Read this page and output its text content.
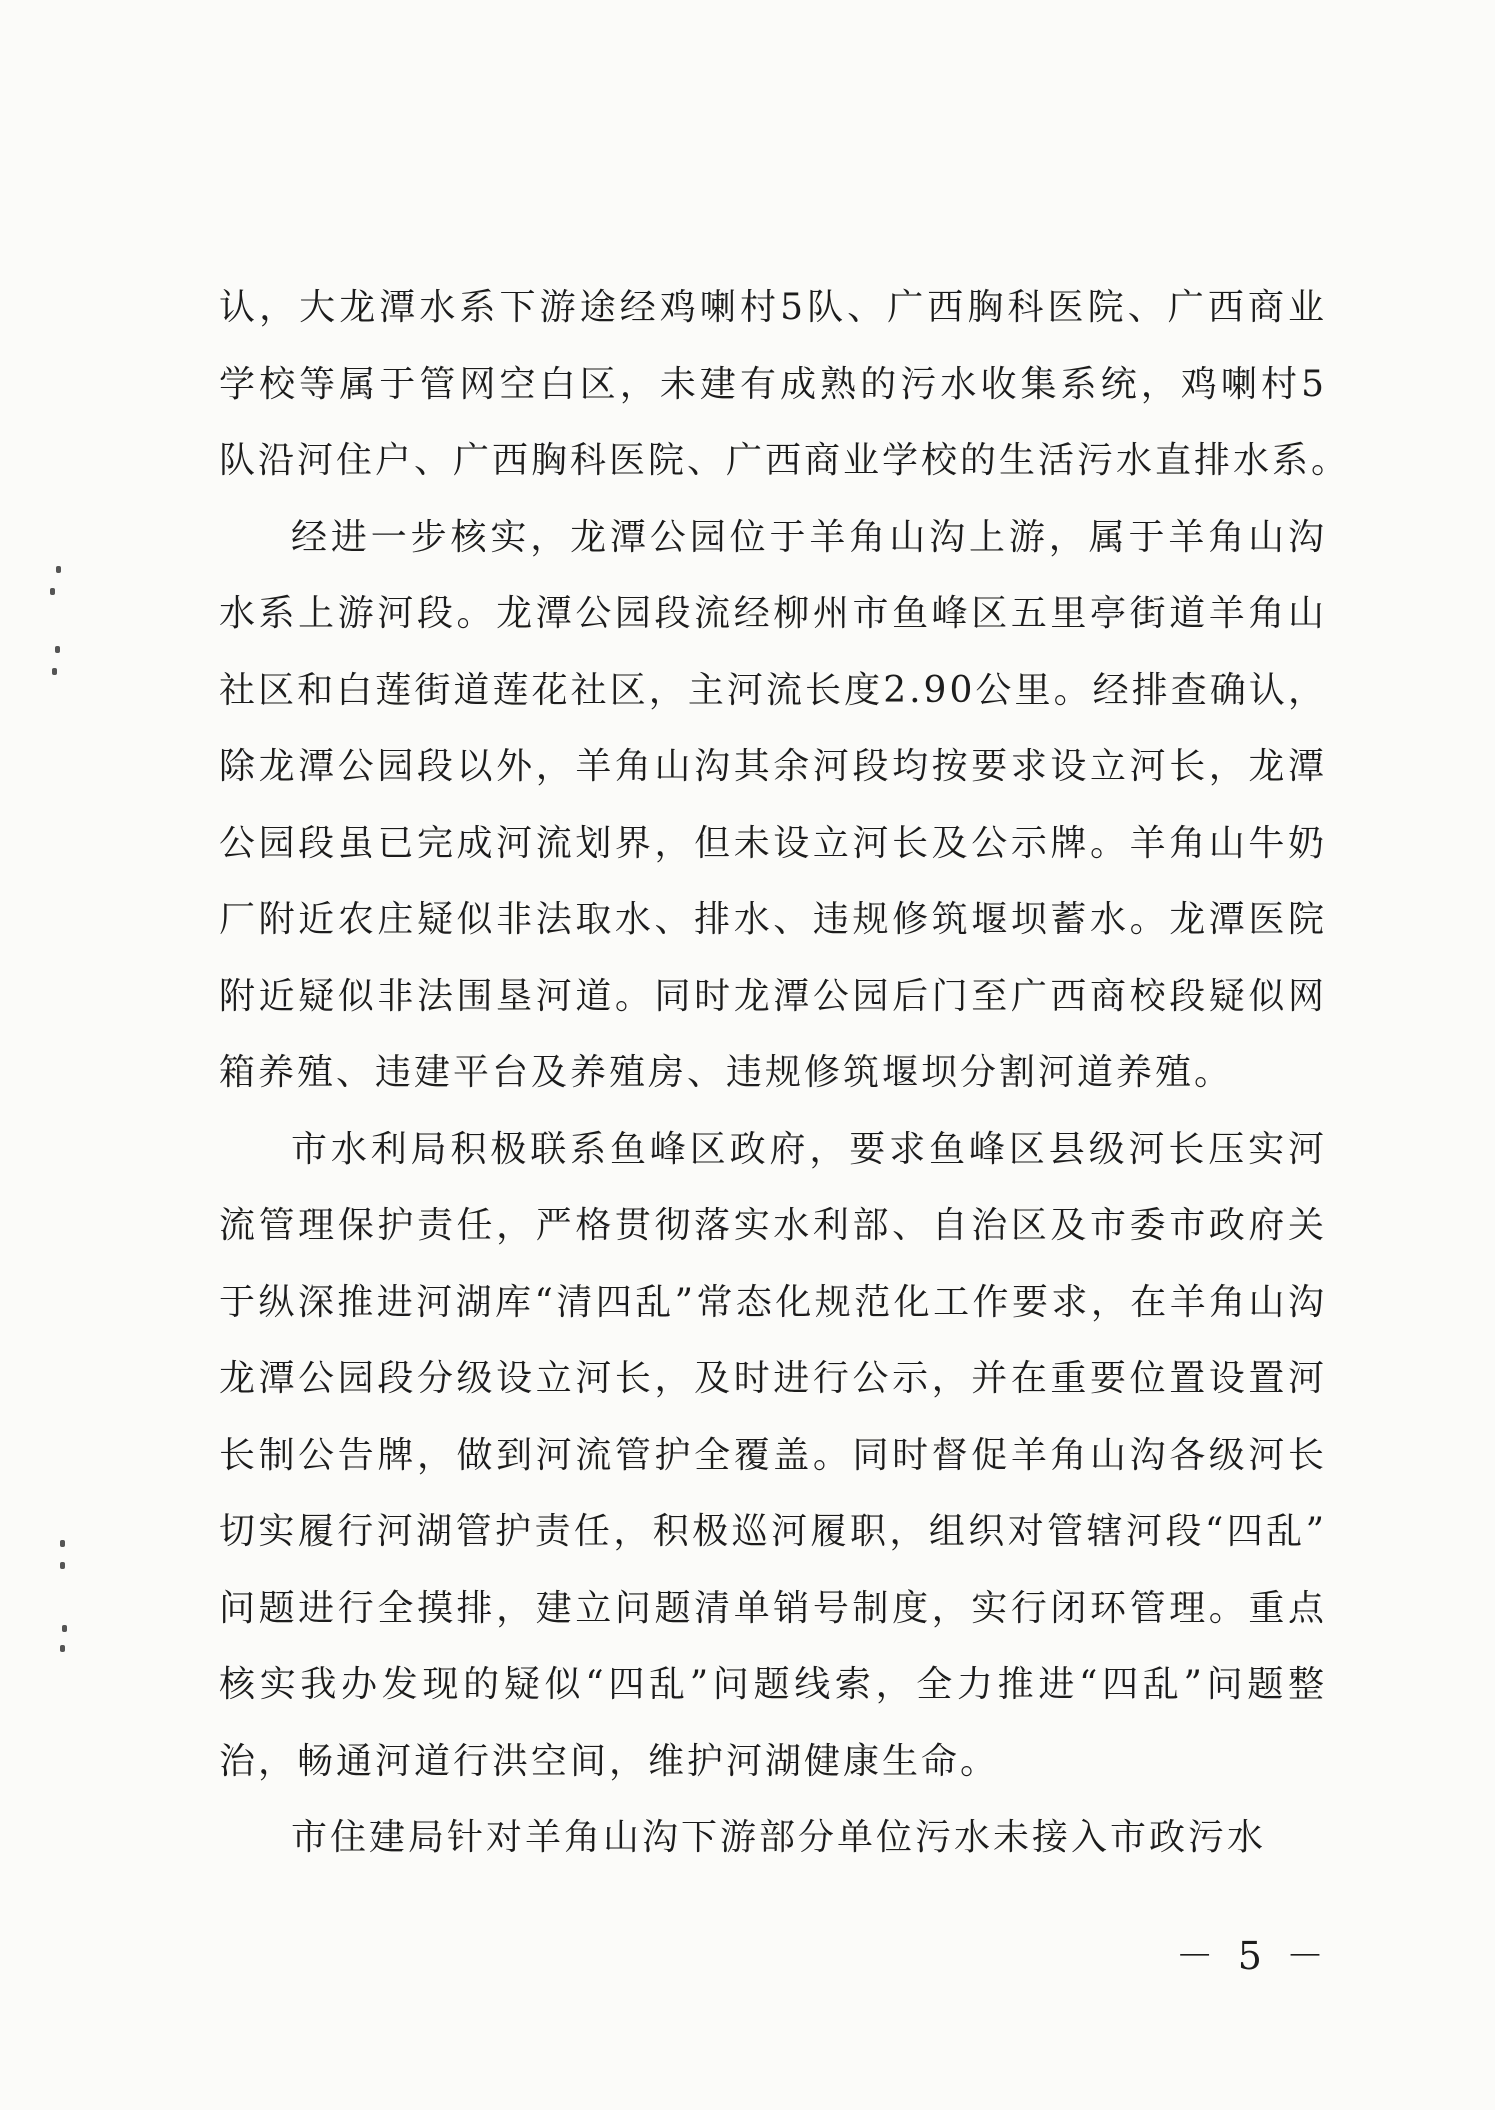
认，大龙潭水系下游途经鸡喇村5队、广西胸科医院、广西商业
学校等属于管网空白区，未建有成熟的污水收集系统，鸡喇村5
队沿河住户、广西胸科医院、广西商业学校的生活污水直排水系。

经进一步核实，龙潭公园位于羊角山沟上游，属于羊角山沟
水系上游河段。龙潭公园段流经柳州市鱼峰区五里亭街道羊角山
社区和白莲街道莲花社区，主河流长度2.90公里。经排查确认，
除龙潭公园段以外，羊角山沟其余河段均按要求设立河长，龙潭
公园段虽已完成河流划界，但未设立河长及公示牌。羊角山牛奶
厂附近农庄疑似非法取水、排水、违规修筑堰坝蓄水。龙潭医院
附近疑似非法围垦河道。同时龙潭公园后门至广西商校段疑似网
箱养殖、违建平台及养殖房、违规修筑堰坝分割河道养殖。

市水利局积极联系鱼峰区政府，要求鱼峰区县级河长压实河
流管理保护责任，严格贯彻落实水利部、自治区及市委市政府关
于纵深推进河湖库“清四乱”常态化规范化工作要求，在羊角山沟
龙潭公园段分级设立河长，及时进行公示，并在重要位置设置河
长制公告牌，做到河流管护全覆盖。同时督促羊角山沟各级河长
切实履行河湖管护责任，积极巡河履职，组织对管辖河段“四乱”
问题进行全摸排，建立问题清单销号制度，实行闭环管理。重点
核实我办发现的疑似“四乱”问题线索，全力推进“四乱”问题整
治，畅通河道行洪空间，维护河湖健康生命。

市住建局针对羊角山沟下游部分单位污水未接入市政污水

－ 5 －
